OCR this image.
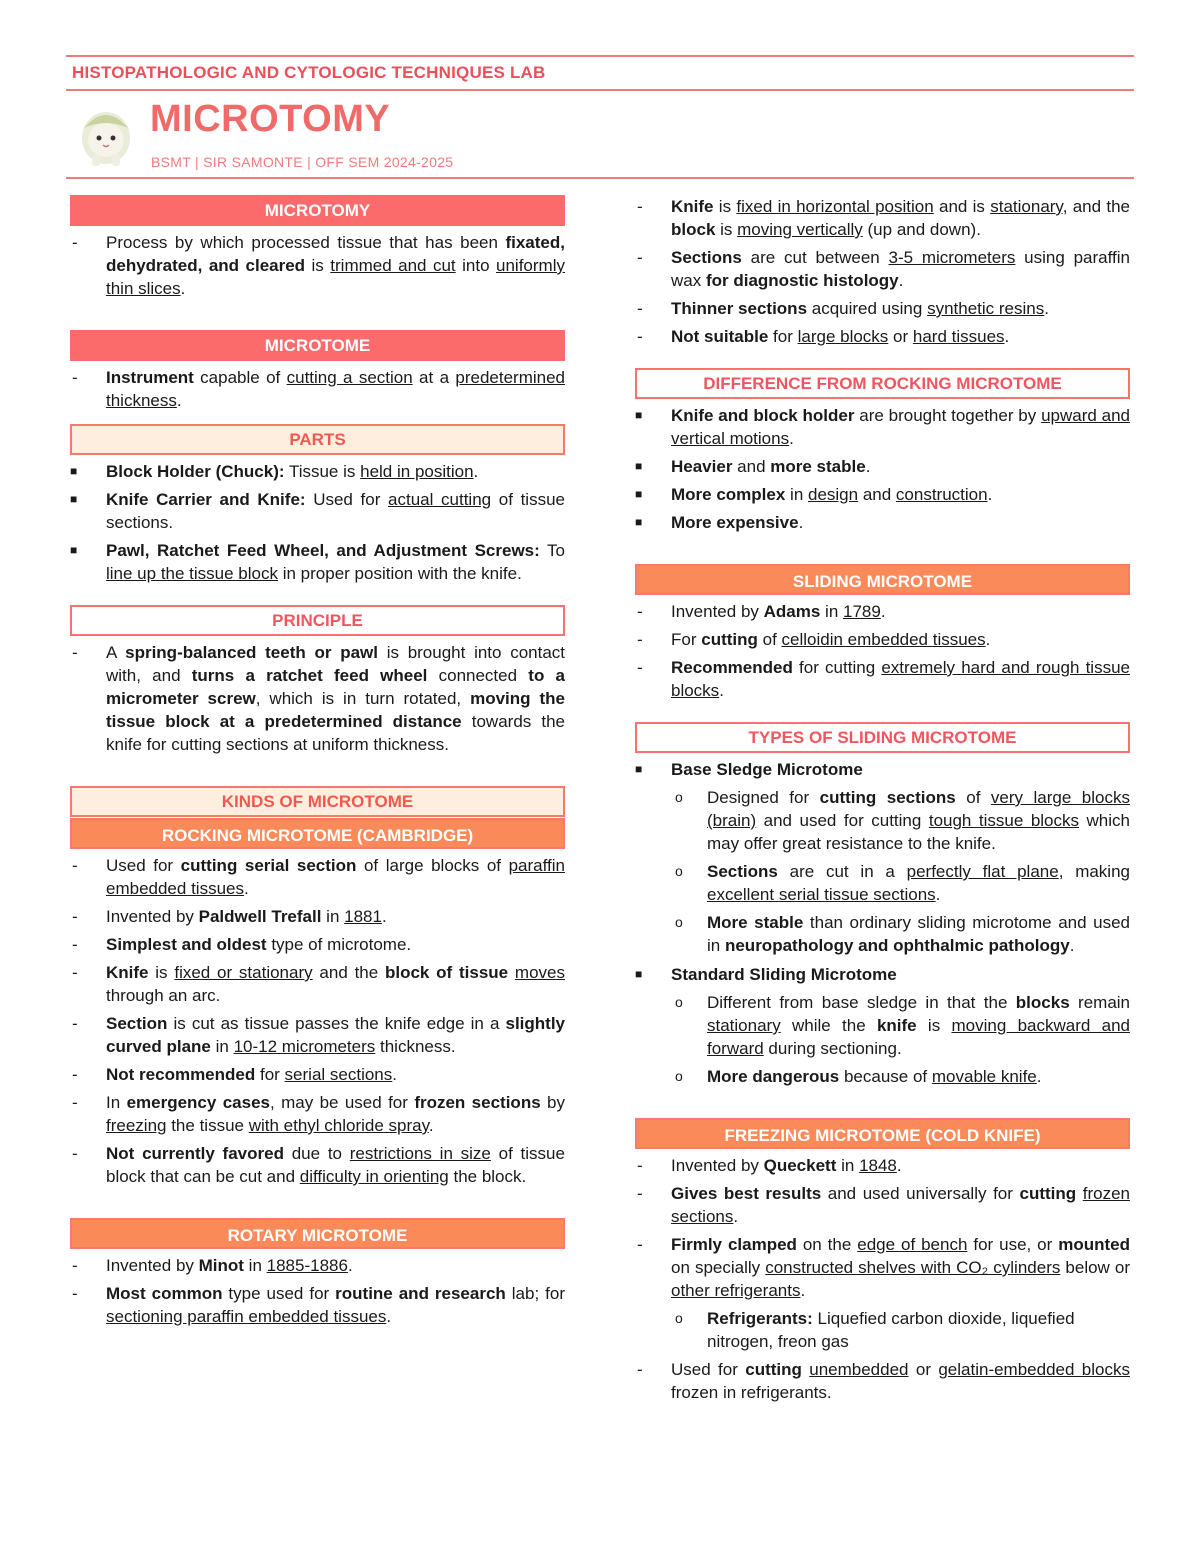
HISTOPATHOLOGIC AND CYTOLOGIC TECHNIQUES LAB
MICROTOMY
BSMT | SIR SAMONTE | OFF SEM 2024-2025
MICROTOMY
- Process by which processed tissue that has been fixated, dehydrated, and cleared is trimmed and cut into uniformly thin slices.
MICROTOME
- Instrument capable of cutting a section at a predetermined thickness.
PARTS
■ Block Holder (Chuck): Tissue is held in position.
■ Knife Carrier and Knife: Used for actual cutting of tissue sections.
■ Pawl, Ratchet Feed Wheel, and Adjustment Screws: To line up the tissue block in proper position with the knife.
PRINCIPLE
- A spring-balanced teeth or pawl is brought into contact with, and turns a ratchet feed wheel connected to a micrometer screw, which is in turn rotated, moving the tissue block at a predetermined distance towards the knife for cutting sections at uniform thickness.
KINDS OF MICROTOME
ROCKING MICROTOME (CAMBRIDGE)
- Used for cutting serial section of large blocks of paraffin embedded tissues.
- Invented by Paldwell Trefall in 1881.
- Simplest and oldest type of microtome.
- Knife is fixed or stationary and the block of tissue moves through an arc.
- Section is cut as tissue passes the knife edge in a slightly curved plane in 10-12 micrometers thickness.
- Not recommended for serial sections.
- In emergency cases, may be used for frozen sections by freezing the tissue with ethyl chloride spray.
- Not currently favored due to restrictions in size of tissue block that can be cut and difficulty in orienting the block.
ROTARY MICROTOME
- Invented by Minot in 1885-1886.
- Most common type used for routine and research lab; for sectioning paraffin embedded tissues.
- Knife is fixed in horizontal position and is stationary, and the block is moving vertically (up and down).
- Sections are cut between 3-5 micrometers using paraffin wax for diagnostic histology.
- Thinner sections acquired using synthetic resins.
- Not suitable for large blocks or hard tissues.
DIFFERENCE FROM ROCKING MICROTOME
■ Knife and block holder are brought together by upward and vertical motions.
■ Heavier and more stable.
■ More complex in design and construction.
■ More expensive.
SLIDING MICROTOME
- Invented by Adams in 1789.
- For cutting of celloidin embedded tissues.
- Recommended for cutting extremely hard and rough tissue blocks.
TYPES OF SLIDING MICROTOME
■ Base Sledge Microtome
o Designed for cutting sections of very large blocks (brain) and used for cutting tough tissue blocks which may offer great resistance to the knife.
o Sections are cut in a perfectly flat plane, making excellent serial tissue sections.
o More stable than ordinary sliding microtome and used in neuropathology and ophthalmic pathology.
■ Standard Sliding Microtome
o Different from base sledge in that the blocks remain stationary while the knife is moving backward and forward during sectioning.
o More dangerous because of movable knife.
FREEZING MICROTOME (COLD KNIFE)
- Invented by Queckett in 1848.
- Gives best results and used universally for cutting frozen sections.
- Firmly clamped on the edge of bench for use, or mounted on specially constructed shelves with CO₂ cylinders below or other refrigerants.
o Refrigerants: Liquefied carbon dioxide, liquefied nitrogen, freon gas
- Used for cutting unembedded or gelatin-embedded blocks frozen in refrigerants.
